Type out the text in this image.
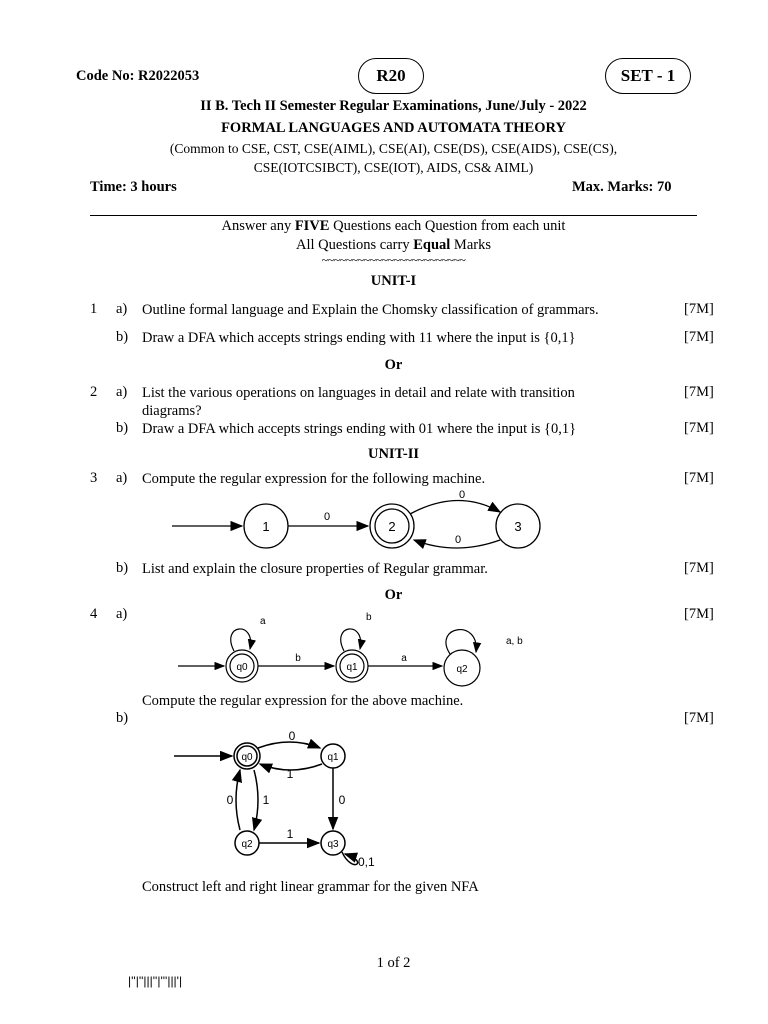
Code No: R2022053	R20	SET - 1
II B. Tech II Semester Regular Examinations, June/July - 2022
FORMAL LANGUAGES AND AUTOMATA THEORY
(Common to CSE, CST, CSE(AIML), CSE(AI), CSE(DS), CSE(AIDS), CSE(CS),
CSE(IOTCSIBCT), CSE(IOT), AIDS, CS& AIML)
Time: 3 hours	Max. Marks: 70
Answer any FIVE Questions each Question from each unit
All Questions carry Equal Marks
~~~~~~~~~~~~~~~~~~~~~~~~
UNIT-I
1 a) Outline formal language and Explain the Chomsky classification of grammars.	[7M]
b) Draw a DFA which accepts strings ending with 11 where the input is {0,1}	[7M]
Or
2 a) List the various operations on languages in detail and relate with transition diagrams?
[7M]
b) Draw a DFA which accepts strings ending with 01 where the input is {0,1}	[7M]
UNIT-II
3 a) Compute the regular expression for the following machine.	[7M]
1
0
2	3
0
0
b) List and explain the closure properties of Regular grammar.	[7M]
Or
4 a)	[7M]
q0
a
b
q1
b
a
q2
a, b
Compute the regular expression for the above machine.
b)	[7M]
q0	q1
q2	q3
0
1
0 1	0
1
0,1
Construct left and right linear grammar for the given NFA
1 of 2
|''|''|||''|'''|||'|
